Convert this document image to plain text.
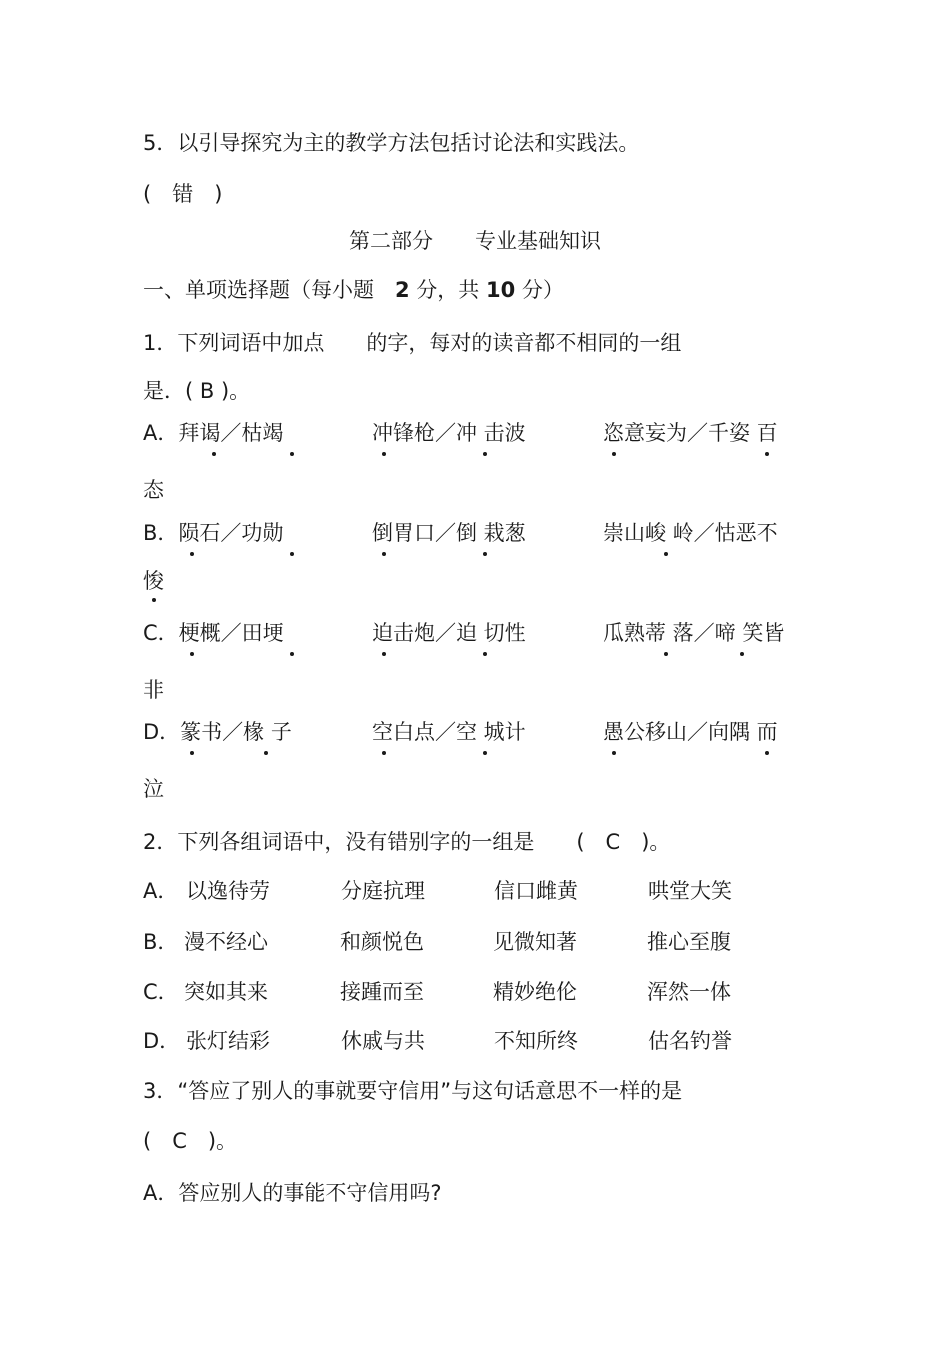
5．以引导探究为主的教学方法包括讨论法和实践法。
(　错　)
第二部分　　专业基础知识
一、单项选择题（每小题　2 分，共 10 分）
1．下列词语中加点　　的字，每对的读音都不相同的一组
是．( B )。
A．拜谒／枯竭	冲锋枪／冲 击波	恣意妄为／千姿 百
态
B．陨石／功勋	倒胃口／倒 栽葱	崇山峻 岭／怙恶不
悛
C．梗概／田埂	迫击炮／迫 切性	瓜熟蒂 落／啼 笑皆
非
D．篆书／椽 子	空白点／空 城计	愚公移山／向隅 而
泣
2．下列各组词语中，没有错别字的一组是　　(　C　)。
A． 以逸待劳	分庭抗理	信口雌黄	哄堂大笑
B． 漫不经心	和颜悦色	见微知著	推心至腹
C． 突如其来	接踵而至	精妙绝伦	浑然一体
D． 张灯结彩	休戚与共	不知所终	估名钓誉
3．“答应了别人的事就要守信用”与这句话意思不一样的是
(　C　)。
A．答应别人的事能不守信用吗?
